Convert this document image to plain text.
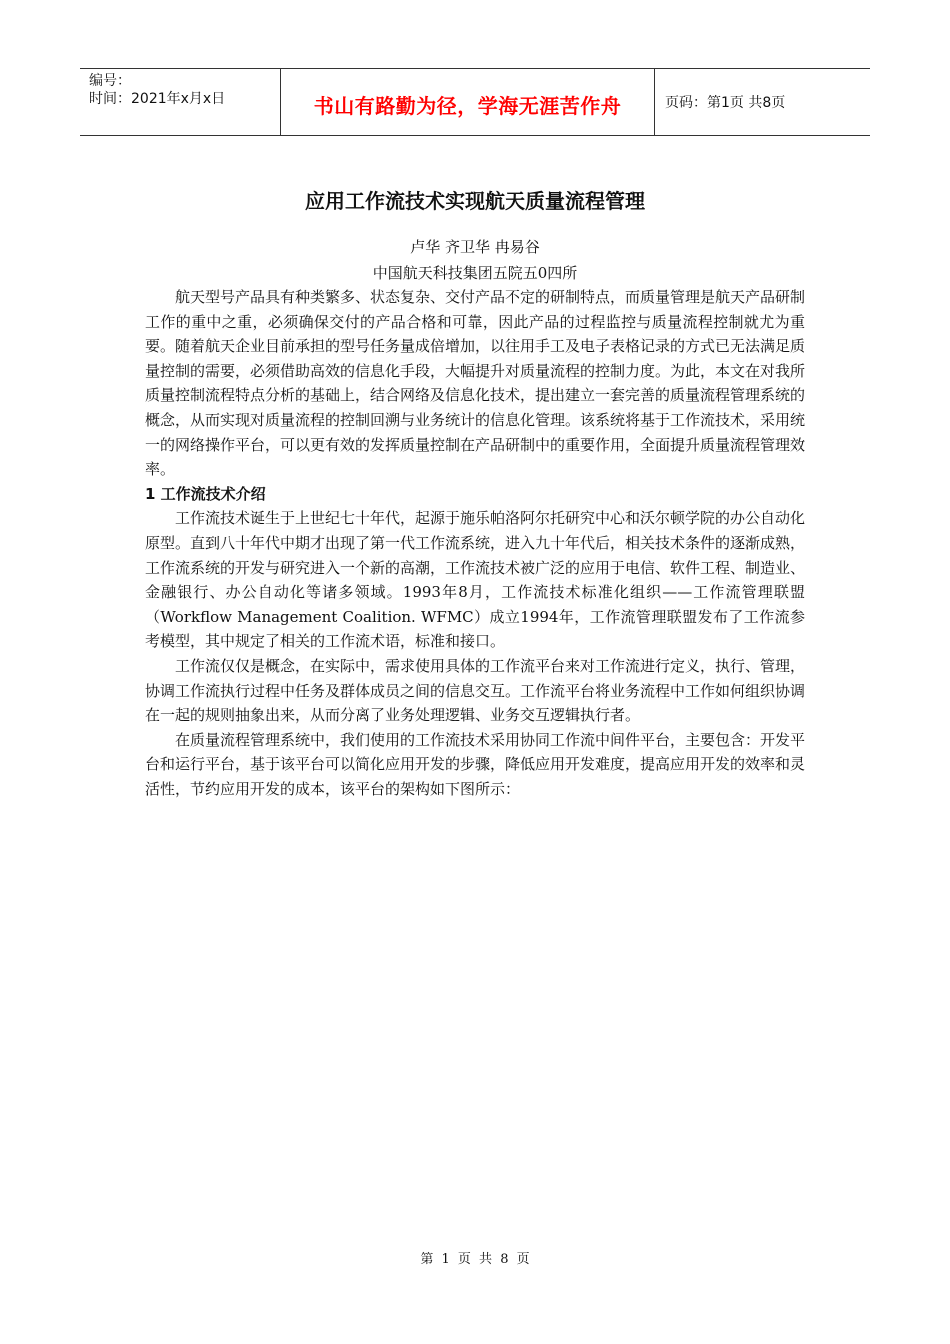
编号：
时间：2021年x月x日	书山有路勤为径，学海无涯苦作舟	页码：第1页 共8页
应用工作流技术实现航天质量流程管理
卢华 齐卫华 冉易谷
中国航天科技集团五院五0四所

航天型号产品具有种类繁多、状态复杂、交付产品不定的研制特点，而质量管理是航天产品研制工作的重中之重，必须确保交付的产品合格和可靠，因此产品的过程监控与质量流程控制就尤为重要。随着航天企业目前承担的型号任务量成倍增加，以往用手工及电子表格记录的方式已无法满足质量控制的需要，必须借助高效的信息化手段，大幅提升对质量流程的控制力度。为此，本文在对我所质量控制流程特点分析的基础上，结合网络及信息化技术，提出建立一套完善的质量流程管理系统的概念，从而实现对质量流程的控制回溯与业务统计的信息化管理。该系统将基于工作流技术，采用统一的网络操作平台，可以更有效的发挥质量控制在产品研制中的重要作用，全面提升质量流程管理效率。

1 工作流技术介绍

工作流技术诞生于上世纪七十年代，起源于施乐帕洛阿尔托研究中心和沃尔顿学院的办公自动化原型。直到八十年代中期才出现了第一代工作流系统，进入九十年代后，相关技术条件的逐渐成熟，工作流系统的开发与研究进入一个新的高潮，工作流技术被广泛的应用于电信、软件工程、制造业、金融银行、办公自动化等诸多领域。1993年8月，工作流技术标准化组织——工作流管理联盟（Workflow Management Coalition. WFMC）成立1994年，工作流管理联盟发布了工作流参考模型，其中规定了相关的工作流术语，标准和接口。

工作流仅仅是概念，在实际中，需求使用具体的工作流平台来对工作流进行定义，执行、管理，协调工作流执行过程中任务及群体成员之间的信息交互。工作流平台将业务流程中工作如何组织协调在一起的规则抽象出来，从而分离了业务处理逻辑、业务交互逻辑执行者。

在质量流程管理系统中，我们使用的工作流技术采用协同工作流中间件平台，主要包含：开发平台和运行平台，基于该平台可以简化应用开发的步骤，降低应用开发难度，提高应用开发的效率和灵活性，节约应用开发的成本，该平台的架构如下图所示：

第 1 页 共 8 页
